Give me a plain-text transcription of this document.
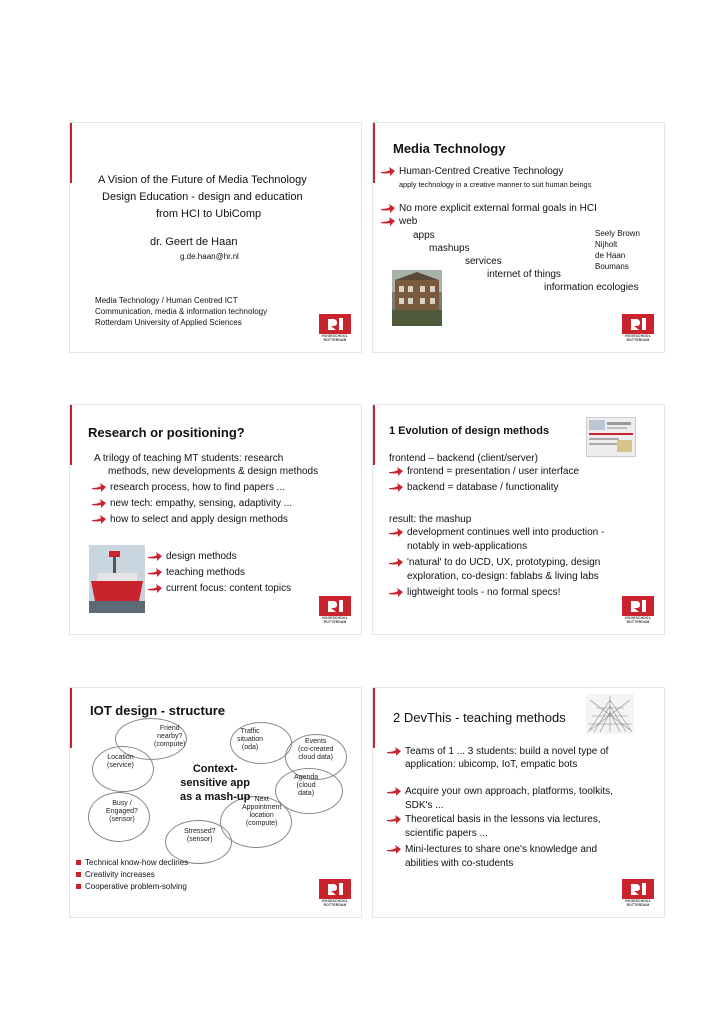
A Vision of the Future of Media Technology
Design Education - design and education
from HCI to UbiComp
dr. Geert de Haan
g.de.haan@hr.nl
Media Technology / Human Centred ICT
Communication, media & information technology
Rotterdam University of Applied Sciences
HOGESCHOOL
ROTTERDAM
Media Technology
Human-Centred Creative Technology
apply technology in a creative manner to suit human beings
No more explicit external formal goals in HCI
web
apps
mashups
services
internet of things
information ecologies
Seely Brown
Nijholt
de Haan
Boumans
HOGESCHOOL
ROTTERDAM
Research or positioning?
A trilogy of teaching MT students: research
methods, new developments & design methods
research process, how to find papers ...
new tech: empathy, sensing, adaptivity ...
how to select and apply design methods
design methods
teaching methods
current focus: content topics
HOGESCHOOL
ROTTERDAM
1 Evolution of design methods
frontend – backend (client/server)
frontend = presentation / user interface
backend = database / functionality
result: the mashup
development continues well into production -
notably in web-applications
'natural' to do UCD, UX, prototyping, design
exploration, co-design: fablabs & living labs
lightweight tools - no formal specs!
HOGESCHOOL
ROTTERDAM
IOT design - structure
Friend
nearby?
(compute)
Traffic
situation
(oda)
Events
(co-created
cloud data)
Location
(service)	Context-
sensitive app
as a mash-up
Agenda
(cloud
data)
Next
Appointment
location
(compute)
Busy /
Engaged?
(sensor)
Stressed?
(sensor)
Technical know-how declines
Creativity increases
Cooperative problem-solving
HOGESCHOOL
ROTTERDAM
2 DevThis - teaching methods
Teams of 1 ... 3 students: build a novel type of
application: ubicomp, IoT, empatic bots
Acquire your own approach, platforms, toolkits,
SDK's ...
Theoretical basis in the lessons via lectures,
scientific papers ...
Mini-lectures to share one's knowledge and
abilities with co-students
HOGESCHOOL
ROTTERDAM
